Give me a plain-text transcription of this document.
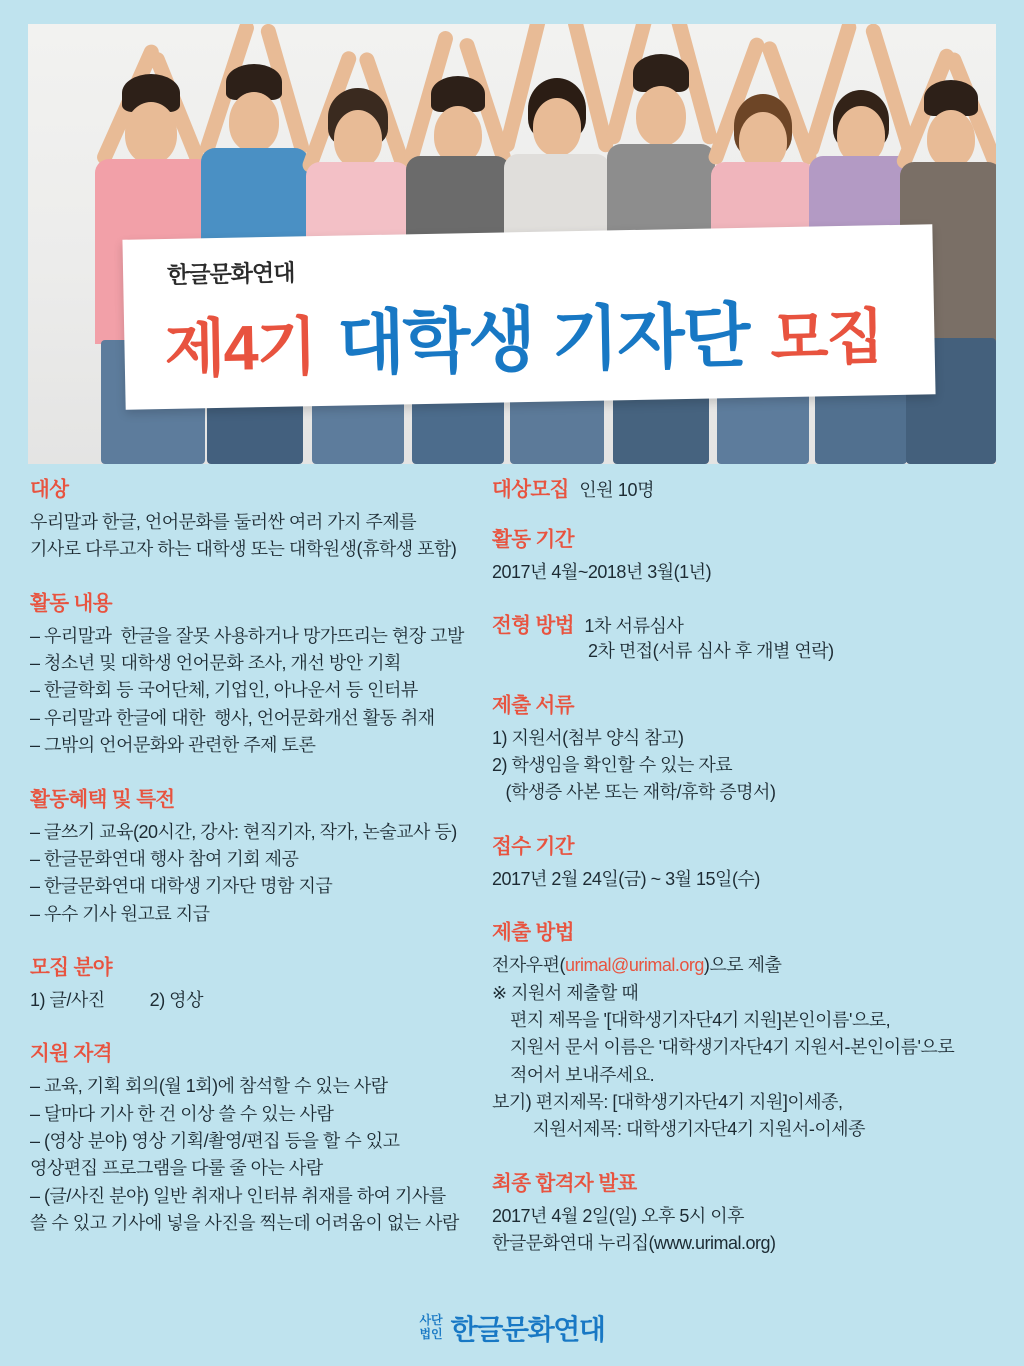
한글문화연대
제4기 대학생 기자단 모집
대상
우리말과 한글, 언어문화를 둘러싼 여러 가지 주제를
기사로 다루고자 하는 대학생 또는 대학원생(휴학생 포함)
활동 내용
– 우리말과  한글을 잘못 사용하거나 망가뜨리는 현장 고발
– 청소년 및 대학생 언어문화 조사, 개선 방안 기획
– 한글학회 등 국어단체, 기업인, 아나운서 등 인터뷰
– 우리말과 한글에 대한  행사, 언어문화개선 활동 취재
– 그밖의 언어문화와 관련한 주제 토론
활동혜택 및 특전
– 글쓰기 교육(20시간, 강사: 현직기자, 작가, 논술교사 등)
– 한글문화연대 행사 참여 기회 제공
– 한글문화연대 대학생 기자단 명함 지급
– 우수 기사 원고료 지급
모집 분야
1) 글/사진          2) 영상
지원 자격
– 교육, 기획 회의(월 1회)에 참석할 수 있는 사람
– 달마다 기사 한 건 이상 쓸 수 있는 사람
– (영상 분야) 영상 기획/촬영/편집 등을 할 수 있고
영상편집 프로그램을 다룰 줄 아는 사람
– (글/사진 분야) 일반 취재나 인터뷰 취재를 하여 기사를
쓸 수 있고 기사에 넣을 사진을 찍는데 어려움이 없는 사람
대상모집 인원 10명
활동 기간
2017년 4월~2018년 3월(1년)
전형 방법 1차 서류심사
2차 면접(서류 심사 후 개별 연락)
제출 서류
1) 지원서(첨부 양식 참고)
2) 학생임을 확인할 수 있는 자료
(학생증 사본 또는 재학/휴학 증명서)
접수 기간
2017년 2월 24일(금) ~ 3월 15일(수)
제출 방법
전자우편(urimal@urimal.org)으로 제출
※ 지원서 제출할 때
편지 제목을 '[대학생기자단4기 지원]본인이름'으로,
지원서 문서 이름은 '대학생기자단4기 지원서-본인이름'으로
적어서 보내주세요.
보기) 편지제목: [대학생기자단4기 지원]이세종,
지원서제목: 대학생기자단4기 지원서-이세종
최종 합격자 발표
2017년 4월 2일(일) 오후 5시 이후
한글문화연대 누리집(www.urimal.org)
사단
법인 한글문화연대
